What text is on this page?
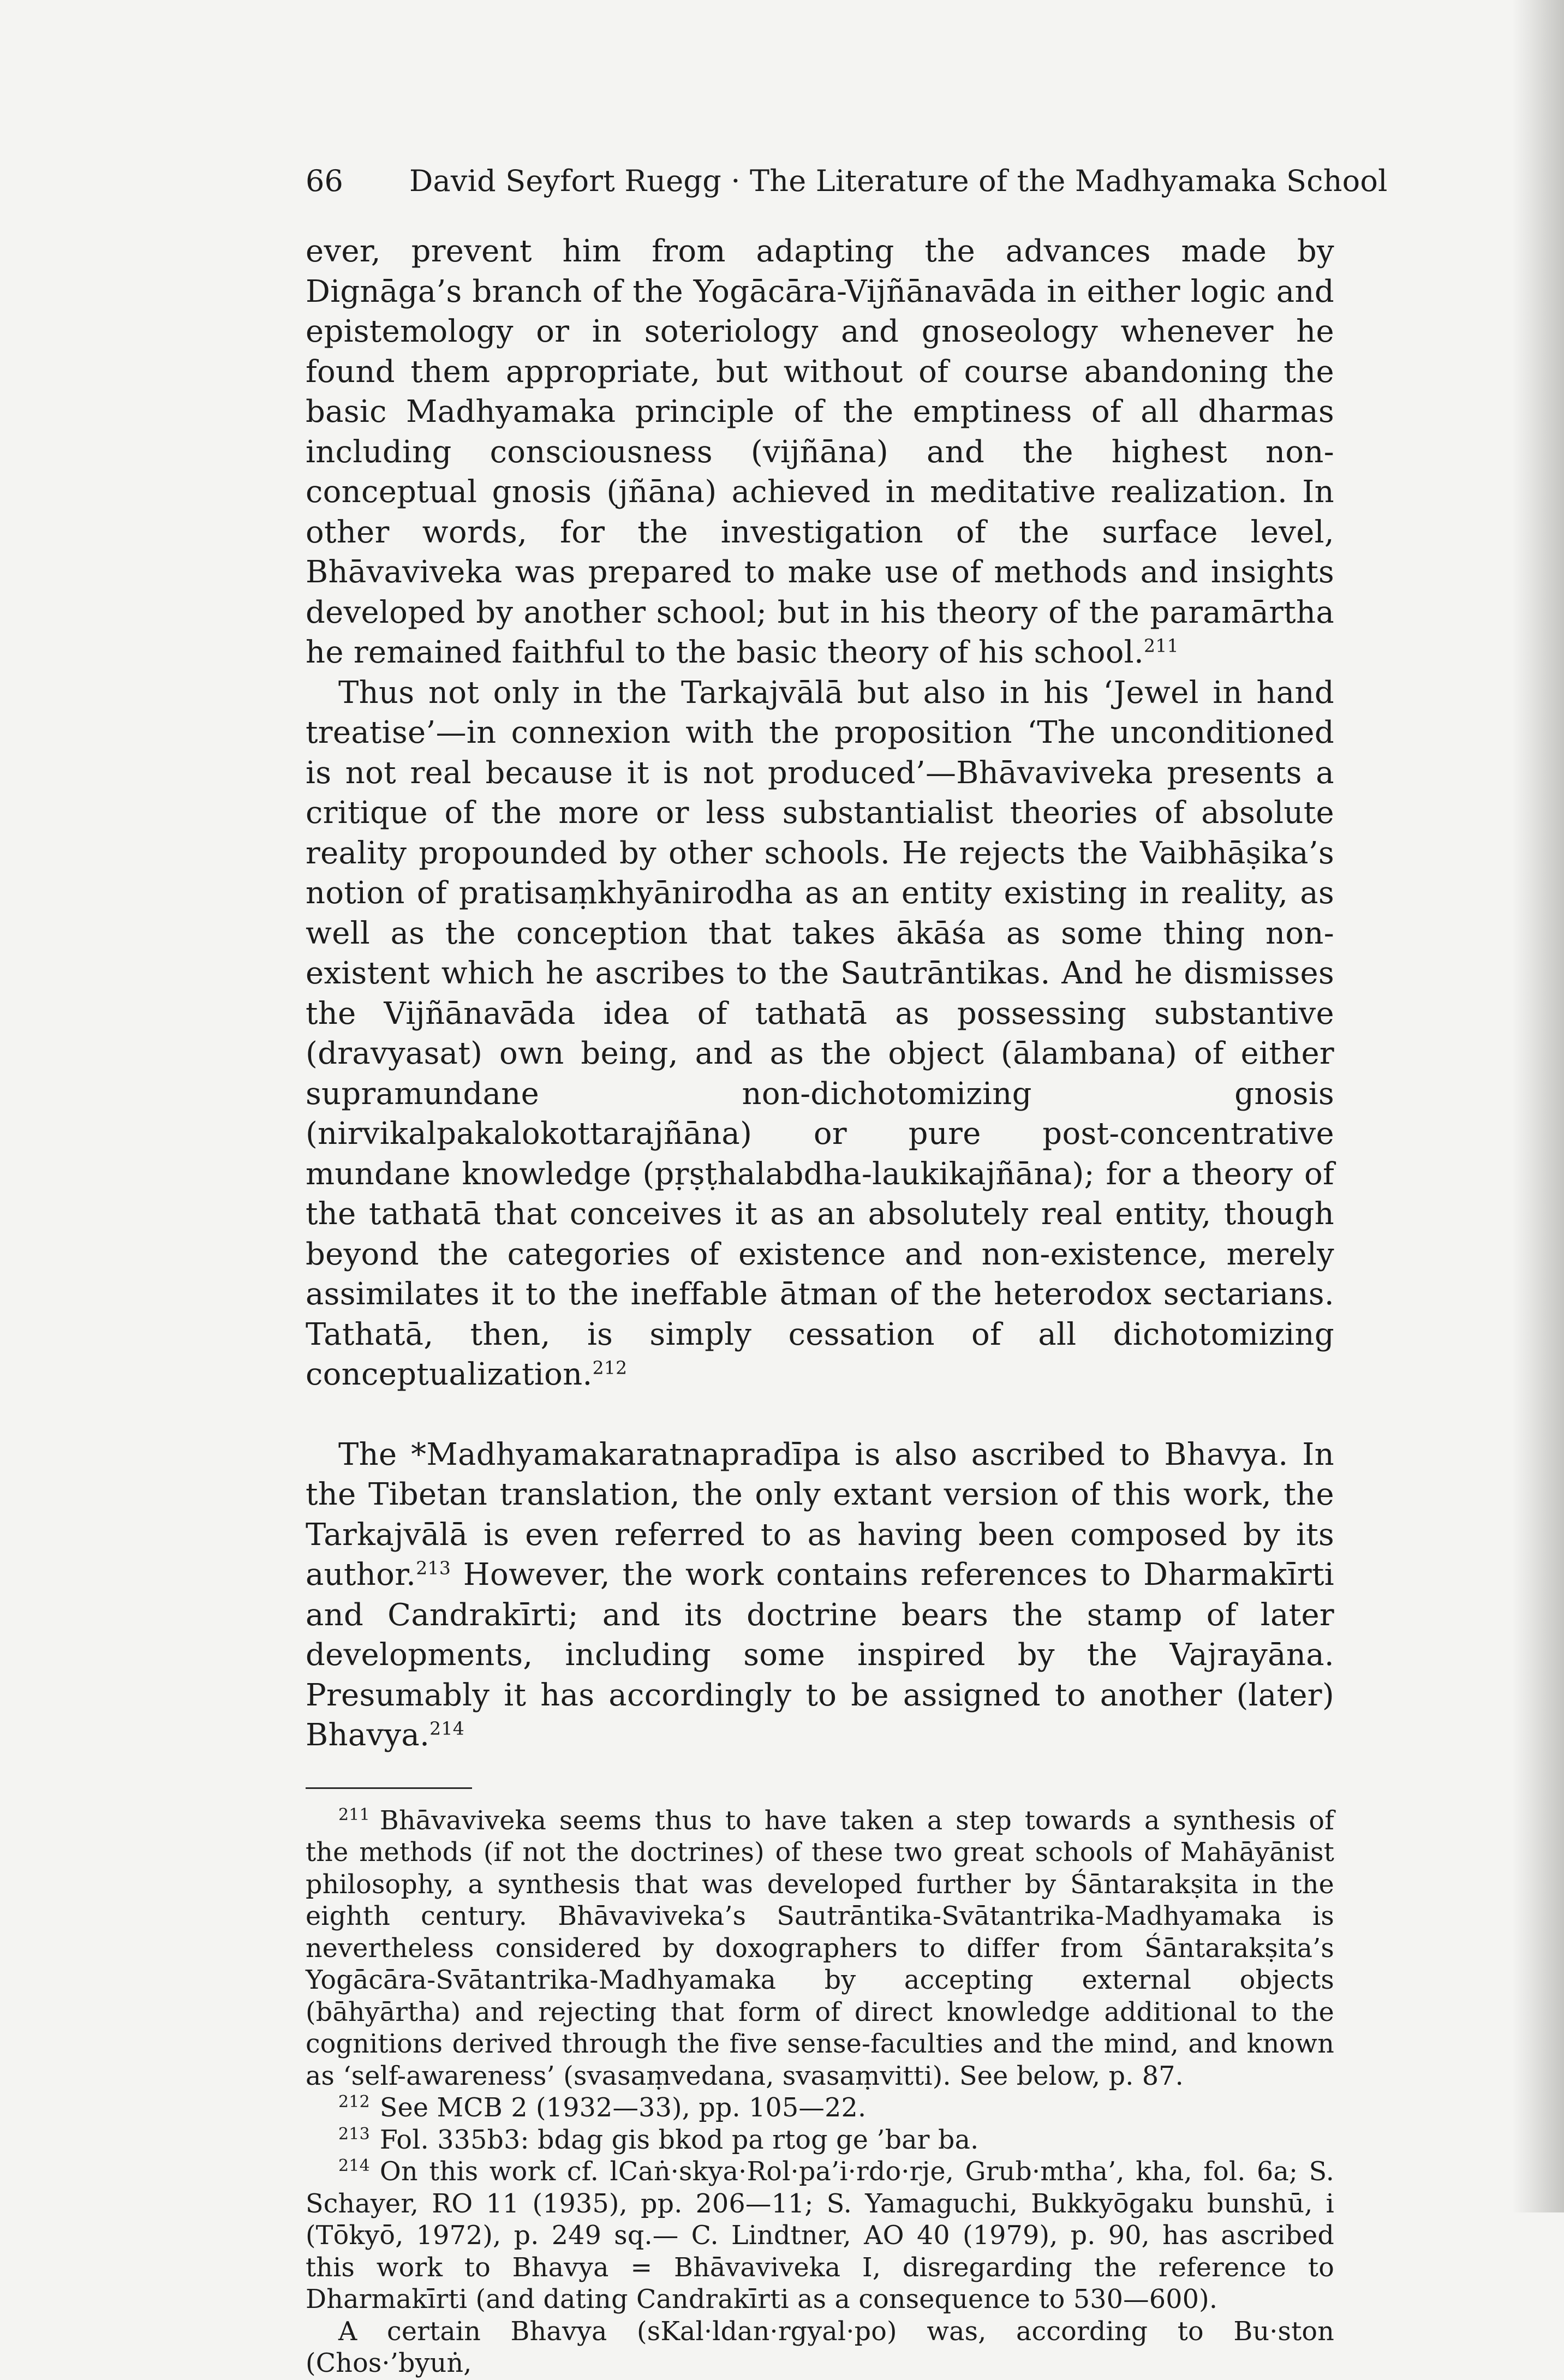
66 David Seyfort Ruegg · The Literature of the Madhyamaka School

ever, prevent him from adapting the advances made by Dignāga’s branch of the Yogācāra-Vijñānavāda in either logic and epistemology or in soteriology and gnoseology whenever he found them appropriate, but without of course abandoning the basic Madhyamaka principle of the emptiness of all dharmas including consciousness (vijñāna) and the highest non-conceptual gnosis (jñāna) achieved in meditative realization. In other words, for the investigation of the surface level, Bhāvaviveka was prepared to make use of methods and insights developed by another school; but in his theory of the paramārtha he remained faithful to the basic theory of his school.$^{211}$

Thus not only in the Tarkajvālā but also in his ‘Jewel in hand treatise’—in connexion with the proposition ‘The unconditioned is not real because it is not produced’—Bhāvaviveka presents a critique of the more or less substantialist theories of absolute reality propounded by other schools. He rejects the Vaibhāṣika’s notion of pratisaṃkhyānirodha as an entity existing in reality, as well as the conception that takes ākāśa as some thing non-existent which he ascribes to the Sautrāntikas. And he dismisses the Vijñānavāda idea of tathatā as possessing substantive (dravyasat) own being, and as the object (ālambana) of either supramundane non-dichotomizing gnosis (nirvikalpakalokottarajñāna) or pure post-concentrative mundane knowledge (pṛṣṭhalabdha-laukikajñāna); for a theory of the tathatā that conceives it as an absolutely real entity, though beyond the categories of existence and non-existence, merely assimilates it to the ineffable ātman of the heterodox sectarians. Tathatā, then, is simply cessation of all dichotomizing conceptualization.$^{212}$

The *Madhyamakaratnapradīpa is also ascribed to Bhavya. In the Tibetan translation, the only extant version of this work, the Tarkajvālā is even referred to as having been composed by its author.$^{213}$ However, the work contains references to Dharmakīrti and Candrakīrti; and its doctrine bears the stamp of later developments, including some inspired by the Vajrayāna. Presumably it has accordingly to be assigned to another (later) Bhavya.$^{214}$

$^{211}$ Bhāvaviveka seems thus to have taken a step towards a synthesis of the methods (if not the doctrines) of these two great schools of Mahāyānist philosophy, a synthesis that was developed further by Śāntarakṣita in the eighth century. Bhāvaviveka’s Sautrāntika-Svātantrika-Madhyamaka is nevertheless considered by doxographers to differ from Śāntarakṣita’s Yogācāra-Svātantrika-Madhyamaka by accepting external objects (bāhyārtha) and rejecting that form of direct knowledge additional to the cognitions derived through the five sense-faculties and the mind, and known as ‘self-awareness’ (svasaṃvedana, svasaṃvitti). See below, p. 87.

$^{212}$ See MCB 2 (1932—33), pp. 105—22.

$^{213}$ Fol. 335b3: bdag gis bkod pa rtog ge ’bar ba.

$^{214}$ On this work cf. lCaṅ·skya·Rol·pa’i·rdo·rje, Grub·mtha’, kha, fol. 6a; S. Schayer, RO 11 (1935), pp. 206—11; S. Yamaguchi, Bukkyōgaku bunshū, i (Tōkyō, 1972), p. 249 sq.— C. Lindtner, AO 40 (1979), p. 90, has ascribed this work to Bhavya = Bhāvaviveka I, disregarding the reference to Dharmakīrti (and dating Candrakīrti as a consequence to 530—600).

A certain Bhavya (sKal·ldan·rgyal·po) was, according to Bu·ston (Chos·’byuṅ,
